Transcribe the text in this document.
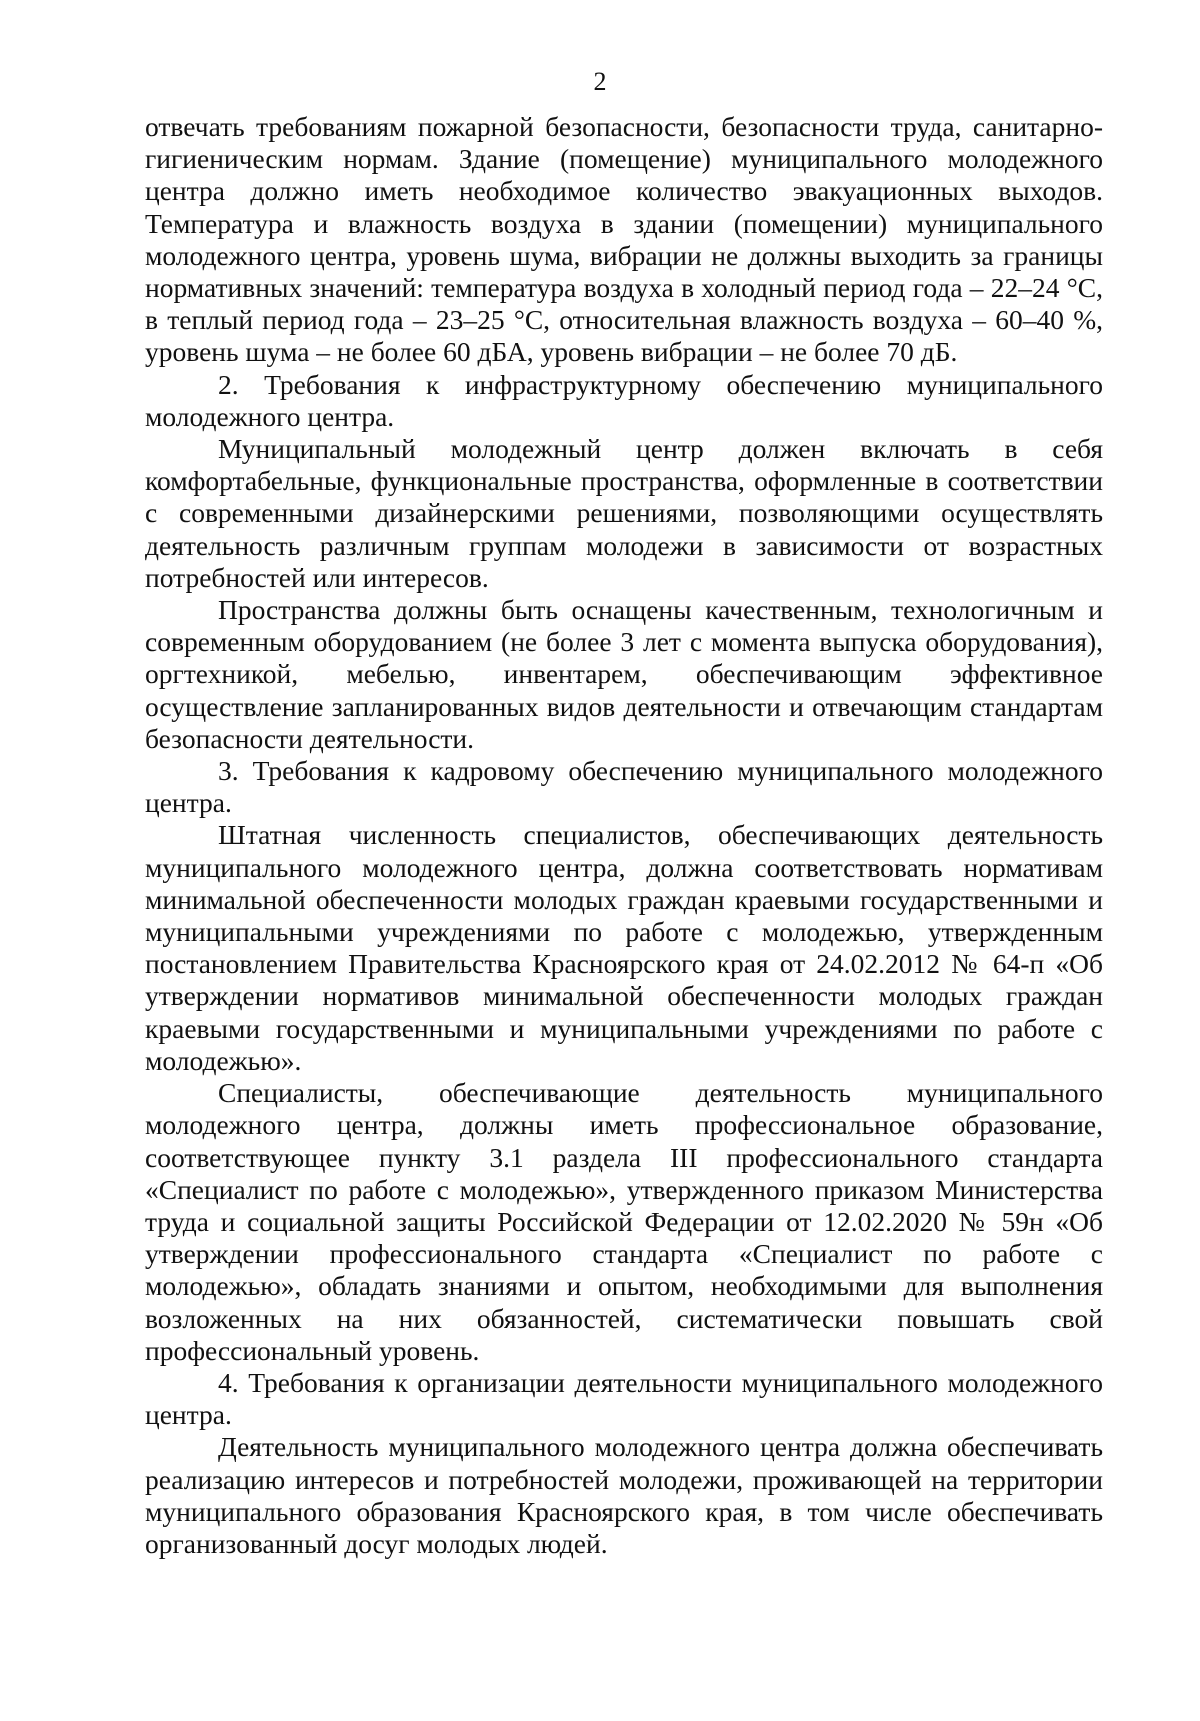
2

отвечать требованиям пожарной безопасности, безопасности труда, санитарно-гигиеническим нормам. Здание (помещение) муниципального молодежного центра должно иметь необходимое количество эвакуационных выходов. Температура и влажность воздуха в здании (помещении) муниципального молодежного центра, уровень шума, вибрации не должны выходить за границы нормативных значений: температура воздуха в холодный период года – 22–24 °С, в теплый период года – 23–25 °С, относительная влажность воздуха – 60–40 %, уровень шума – не более 60 дБА, уровень вибрации – не более 70 дБ.

2. Требования к инфраструктурному обеспечению муниципального молодежного центра.

Муниципальный молодежный центр должен включать в себя комфортабельные, функциональные пространства, оформленные в соответствии с современными дизайнерскими решениями, позволяющими осуществлять деятельность различным группам молодежи в зависимости от возрастных потребностей или интересов.

Пространства должны быть оснащены качественным, технологичным и современным оборудованием (не более 3 лет с момента выпуска оборудования), оргтехникой, мебелью, инвентарем, обеспечивающим эффективное осуществление запланированных видов деятельности и отвечающим стандартам безопасности деятельности.

3. Требования к кадровому обеспечению муниципального молодежного центра.

Штатная численность специалистов, обеспечивающих деятельность муниципального молодежного центра, должна соответствовать нормативам минимальной обеспеченности молодых граждан краевыми государственными и муниципальными учреждениями по работе с молодежью, утвержденным постановлением Правительства Красноярского края от 24.02.2012 № 64-п «Об утверждении нормативов минимальной обеспеченности молодых граждан краевыми государственными и муниципальными учреждениями по работе с молодежью».

Специалисты, обеспечивающие деятельность муниципального молодежного центра, должны иметь профессиональное образование, соответствующее пункту 3.1 раздела III профессионального стандарта «Специалист по работе с молодежью», утвержденного приказом Министерства труда и социальной защиты Российской Федерации от 12.02.2020 № 59н «Об утверждении профессионального стандарта «Специалист по работе с молодежью», обладать знаниями и опытом, необходимыми для выполнения возложенных на них обязанностей, систематически повышать свой профессиональный уровень.

4. Требования к организации деятельности муниципального молодежного центра.

Деятельность муниципального молодежного центра должна обеспечивать реализацию интересов и потребностей молодежи, проживающей на территории муниципального образования Красноярского края, в том числе обеспечивать организованный досуг молодых людей.
